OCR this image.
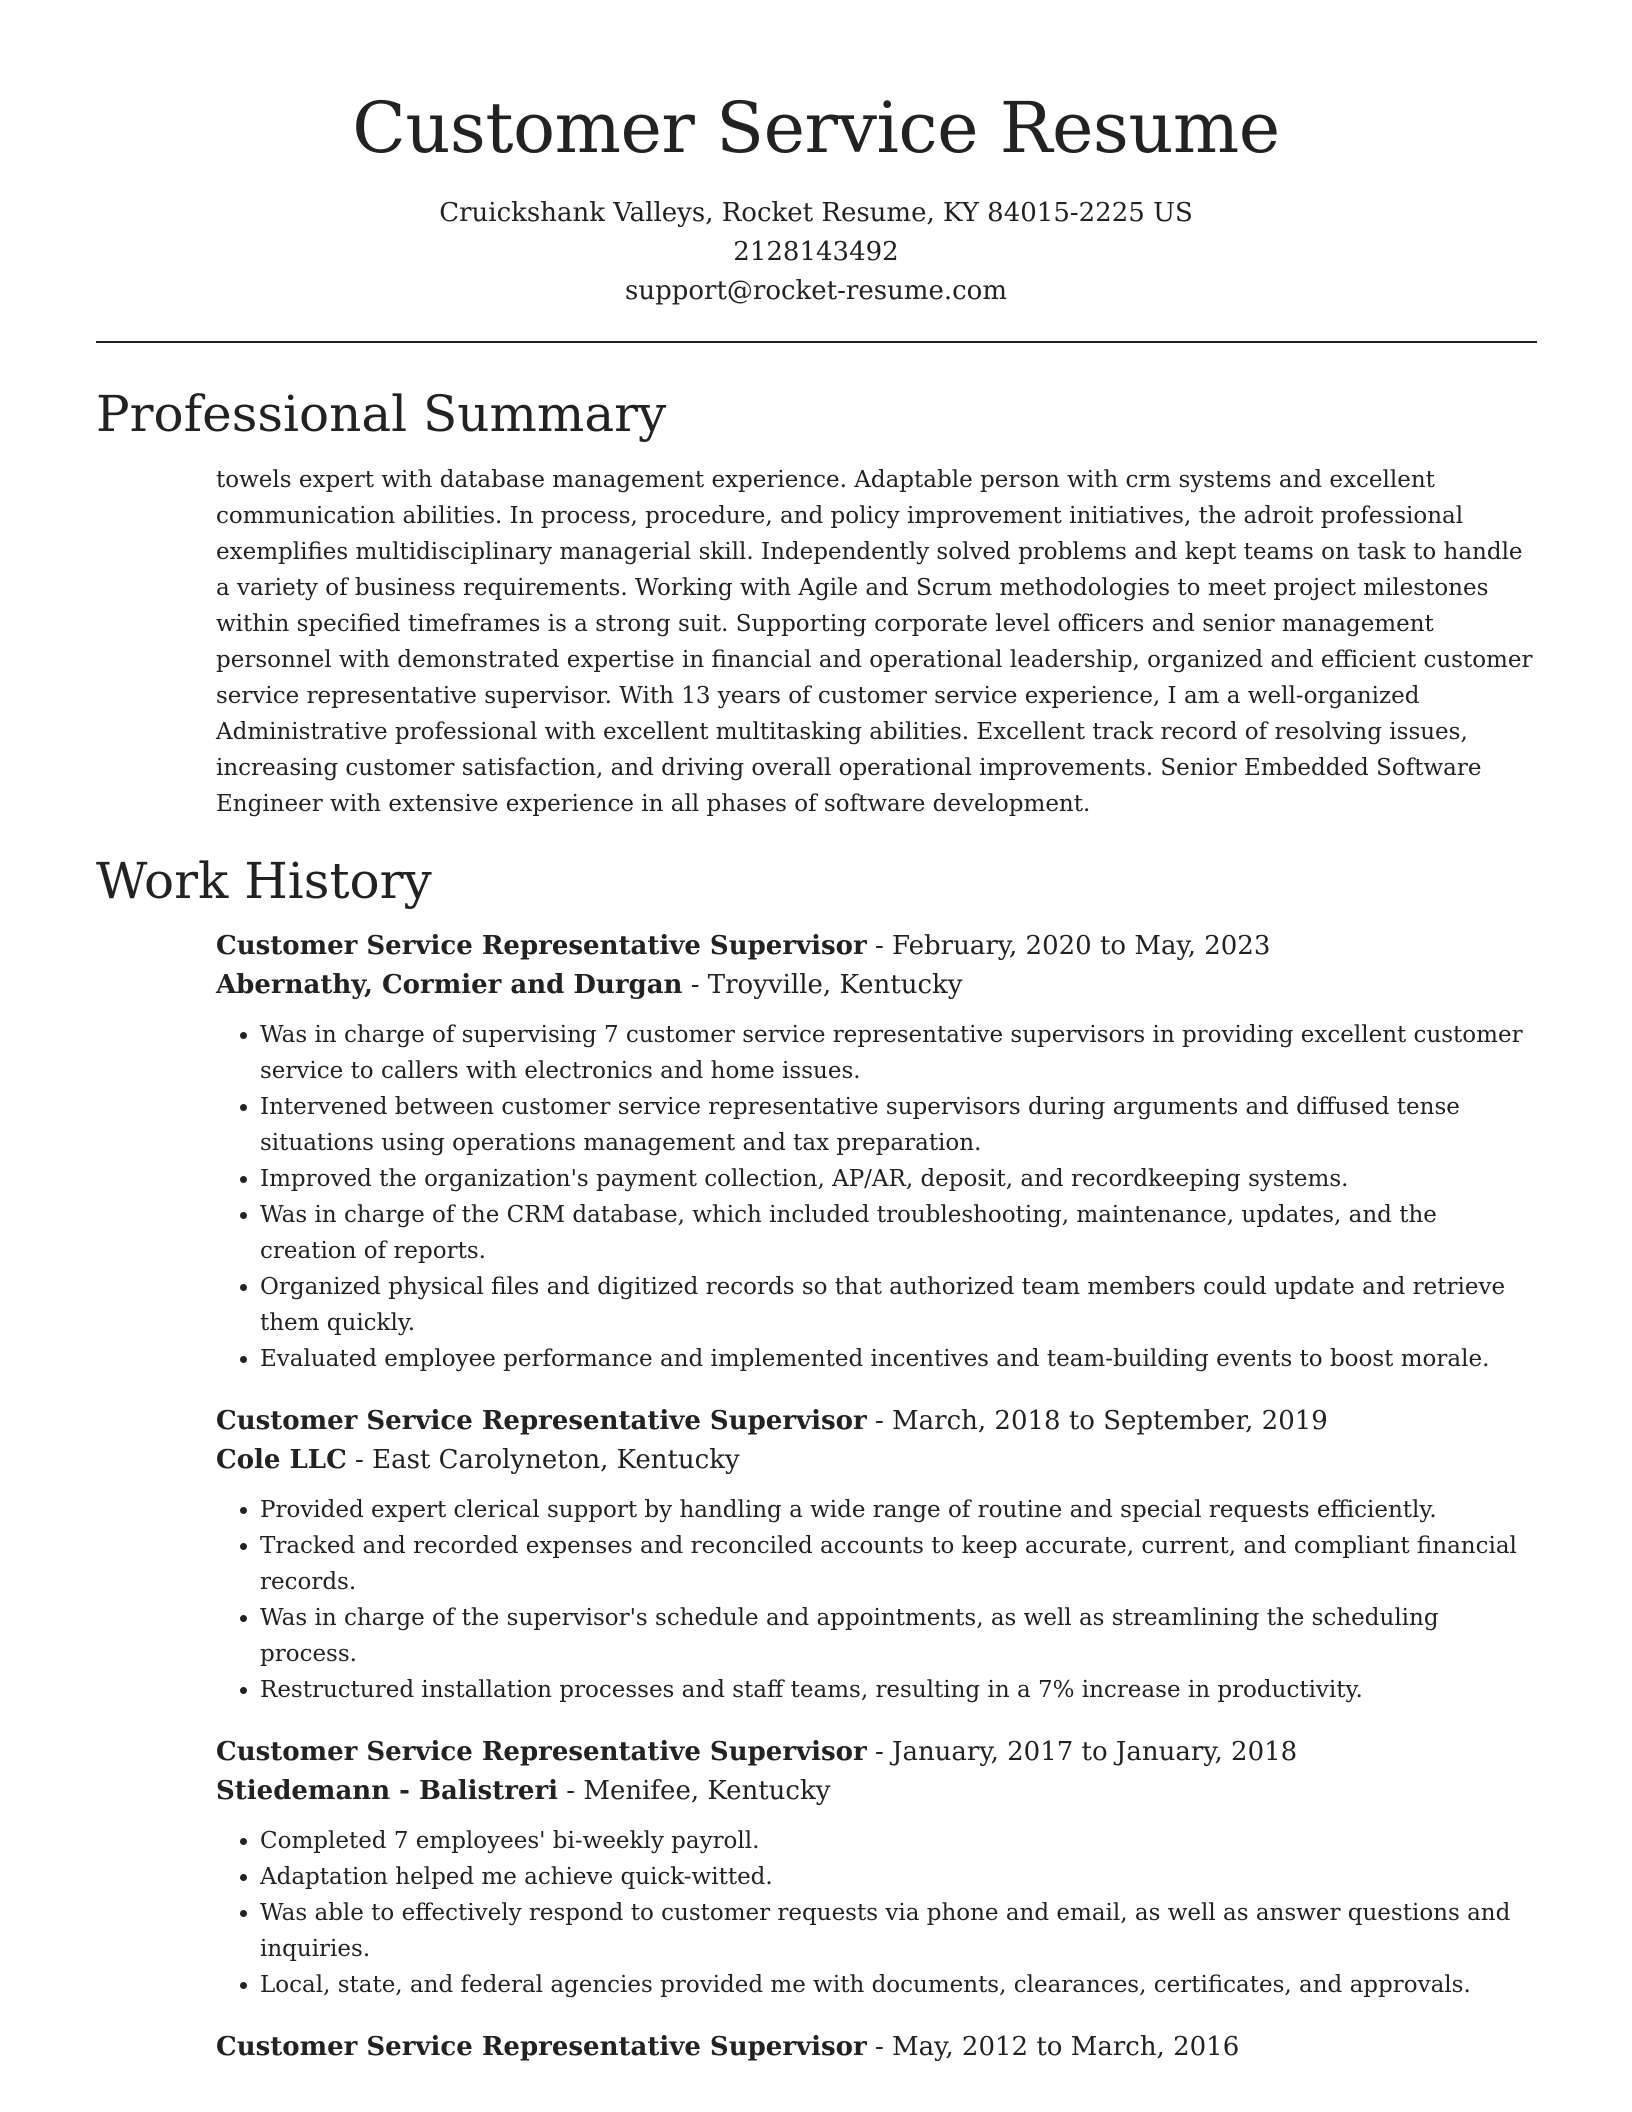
Customer Service Resume
Cruickshank Valleys, Rocket Resume, KY 84015-2225 US
2128143492
support@rocket-resume.com
Professional Summary

towels expert with database management experience. Adaptable person with crm systems and excellent communication abilities. In process, procedure, and policy improvement initiatives, the adroit professional exemplifies multidisciplinary managerial skill. Independently solved problems and kept teams on task to handle a variety of business requirements. Working with Agile and Scrum methodologies to meet project milestones within specified timeframes is a strong suit. Supporting corporate level officers and senior management personnel with demonstrated expertise in financial and operational leadership, organized and efficient customer service representative supervisor. With 13 years of customer service experience, I am a well-organized Administrative professional with excellent multitasking abilities. Excellent track record of resolving issues, increasing customer satisfaction, and driving overall operational improvements. Senior Embedded Software Engineer with extensive experience in all phases of software development.

Work History
Customer Service Representative Supervisor - February, 2020 to May, 2023
Abernathy, Cormier and Durgan - Troyville, Kentucky
• Was in charge of supervising 7 customer service representative supervisors in providing excellent customer service to callers with electronics and home issues.
• Intervened between customer service representative supervisors during arguments and diffused tense situations using operations management and tax preparation.
• Improved the organization's payment collection, AP/AR, deposit, and recordkeeping systems.
• Was in charge of the CRM database, which included troubleshooting, maintenance, updates, and the creation of reports.
• Organized physical files and digitized records so that authorized team members could update and retrieve them quickly.
• Evaluated employee performance and implemented incentives and team-building events to boost morale.
Customer Service Representative Supervisor - March, 2018 to September, 2019
Cole LLC - East Carolyneton, Kentucky
• Provided expert clerical support by handling a wide range of routine and special requests efficiently.
• Tracked and recorded expenses and reconciled accounts to keep accurate, current, and compliant financial records.
• Was in charge of the supervisor's schedule and appointments, as well as streamlining the scheduling process.
• Restructured installation processes and staff teams, resulting in a 7% increase in productivity.
Customer Service Representative Supervisor - January, 2017 to January, 2018
Stiedemann - Balistreri - Menifee, Kentucky
• Completed 7 employees' bi-weekly payroll.
• Adaptation helped me achieve quick-witted.
• Was able to effectively respond to customer requests via phone and email, as well as answer questions and inquiries.
• Local, state, and federal agencies provided me with documents, clearances, certificates, and approvals.
Customer Service Representative Supervisor - May, 2012 to March, 2016
